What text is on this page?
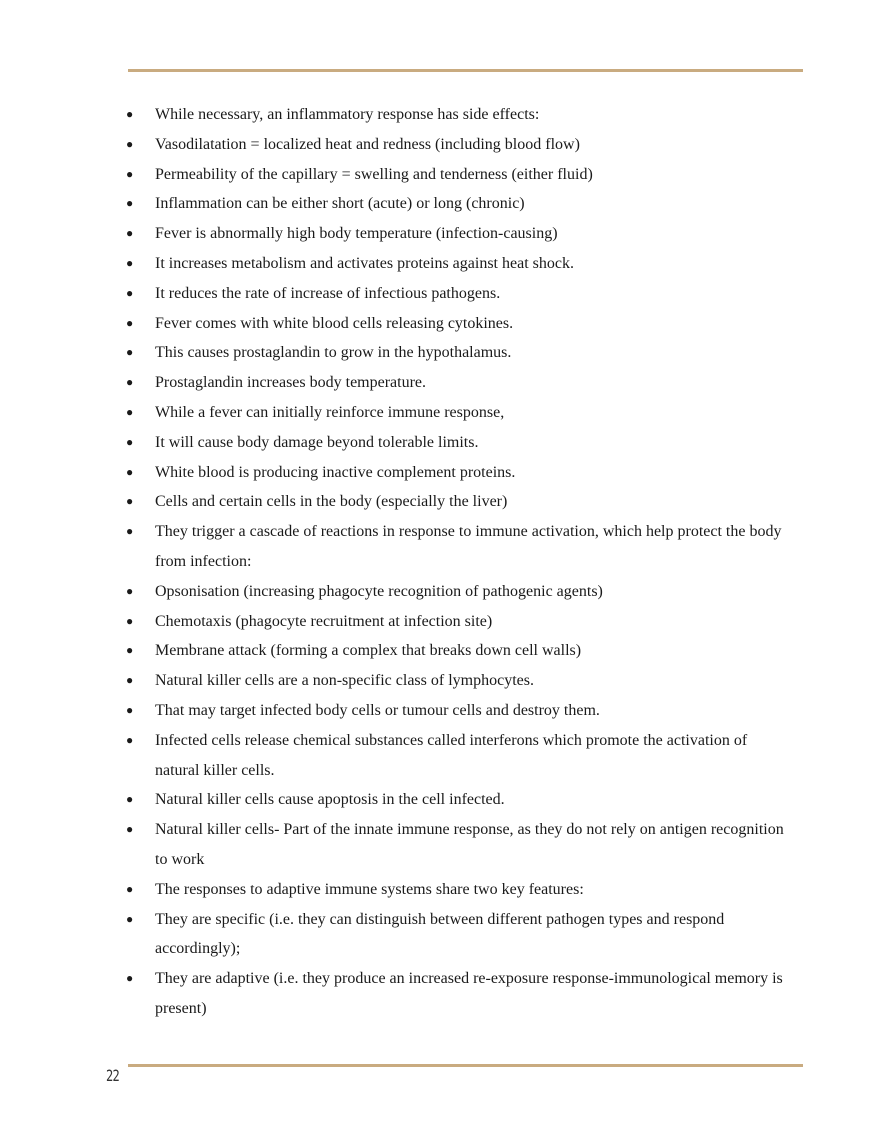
● While necessary, an inflammatory response has side effects:
● Vasodilatation = localized heat and redness (including blood flow)
● Permeability of the capillary = swelling and tenderness (either fluid)
● Inflammation can be either short (acute) or long (chronic)
● Fever is abnormally high body temperature (infection-causing)
● It increases metabolism and activates proteins against heat shock.
● It reduces the rate of increase of infectious pathogens.
● Fever comes with white blood cells releasing cytokines.
● This causes prostaglandin to grow in the hypothalamus.
● Prostaglandin increases body temperature.
● While a fever can initially reinforce immune response,
● It will cause body damage beyond tolerable limits.
● White blood is producing inactive complement proteins.
● Cells and certain cells in the body (especially the liver)
● They trigger a cascade of reactions in response to immune activation, which help protect the body from infection:
● Opsonisation (increasing phagocyte recognition of pathogenic agents)
● Chemotaxis (phagocyte recruitment at infection site)
● Membrane attack (forming a complex that breaks down cell walls)
● Natural killer cells are a non-specific class of lymphocytes.
● That may target infected body cells or tumour cells and destroy them.
● Infected cells release chemical substances called interferons which promote the activation of natural killer cells.
● Natural killer cells cause apoptosis in the cell infected.
● Natural killer cells- Part of the innate immune response, as they do not rely on antigen recognition to work
● The responses to adaptive immune systems share two key features:
● They are specific (i.e. they can distinguish between different pathogen types and respond accordingly);
● They are adaptive (i.e. they produce an increased re-exposure response-immunological memory is present)
22
